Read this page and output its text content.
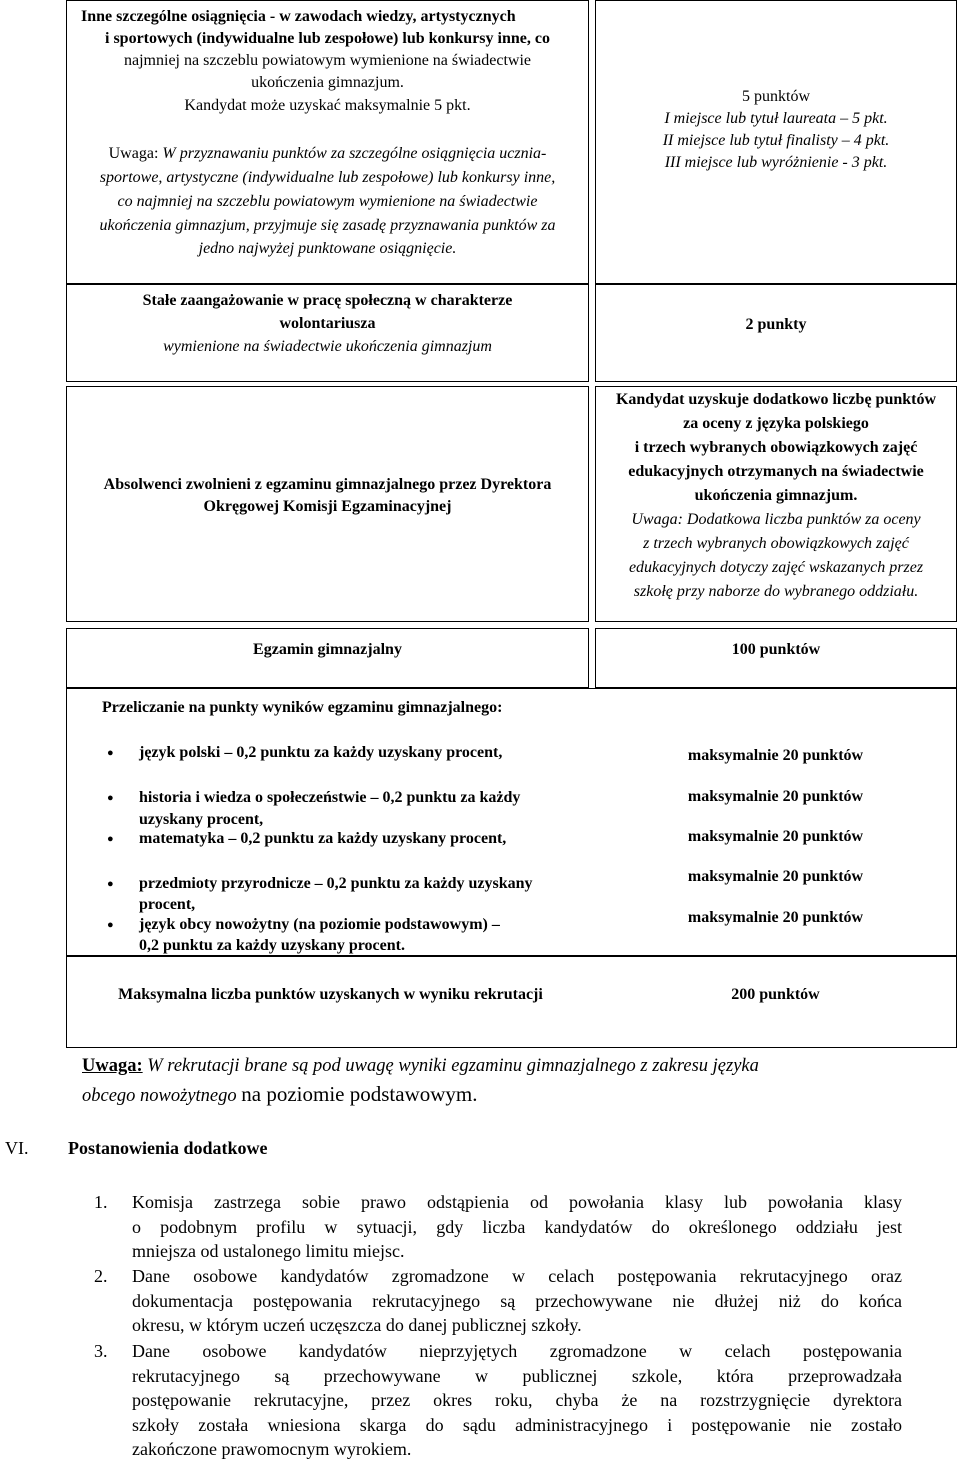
Inne szczególne osiągnięcia - w zawodach wiedzy, artystycznych
i sportowych (indywidualne lub zespołowe) lub konkursy inne, co
najmniej na szczeblu powiatowym wymienione na świadectwie
ukończenia gimnazjum.
Kandydat może uzyskać maksymalnie 5 pkt.
Uwaga: W przyznawaniu punktów za szczególne osiągnięcia ucznia-
sportowe, artystyczne (indywidualne lub zespołowe) lub konkursy inne,
co najmniej na szczeblu powiatowym wymienione na świadectwie
ukończenia gimnazjum, przyjmuje się zasadę przyznawania punktów za
jedno najwyżej punktowane osiągnięcie.
5 punktów
I miejsce lub tytuł laureata – 5 pkt.
II miejsce lub tytuł finalisty – 4 pkt.
III miejsce lub wyróżnienie - 3 pkt.
Stałe zaangażowanie w pracę społeczną w charakterze
wolontariusza
wymienione na świadectwie ukończenia gimnazjum
2 punkty
Absolwenci zwolnieni z egzaminu gimnazjalnego przez Dyrektora
Okręgowej Komisji Egzaminacyjnej
Kandydat uzyskuje dodatkowo liczbę punktów
za oceny z języka polskiego
i trzech wybranych obowiązkowych zajęć
edukacyjnych otrzymanych na świadectwie
ukończenia gimnazjum.
Uwaga: Dodatkowa liczba punktów za oceny
z trzech wybranych obowiązkowych zajęć
edukacyjnych dotyczy zajęć wskazanych przez
szkołę przy naborze do wybranego oddziału.
Egzamin gimnazjalny	100 punktów
Przeliczanie na punkty wyników egzaminu gimnazjalnego:
● język polski – 0,2 punktu za każdy uzyskany procent,
● historia i wiedza o społeczeństwie – 0,2 punktu za każdy
uzyskany procent,
● matematyka – 0,2 punktu za każdy uzyskany procent,
● przedmioty przyrodnicze – 0,2 punktu za każdy uzyskany
procent,
● język obcy nowożytny (na poziomie podstawowym) –
0,2 punktu za każdy uzyskany procent.
maksymalnie 20 punktów
maksymalnie 20 punktów
maksymalnie 20 punktów
maksymalnie 20 punktów
maksymalnie 20 punktów
Maksymalna liczba punktów uzyskanych w wyniku rekrutacji	200 punktów
Uwaga: W rekrutacji brane są pod uwagę wyniki egzaminu gimnazjalnego z zakresu języka
obcego nowożytnego na poziomie podstawowym.
VI. Postanowienia dodatkowe
1. Komisja zastrzega sobie prawo odstąpienia od powołania klasy lub powołania klasy
o podobnym profilu w sytuacji, gdy liczba kandydatów do określonego oddziału jest
mniejsza od ustalonego limitu miejsc.
2. Dane osobowe kandydatów zgromadzone w celach postępowania rekrutacyjnego oraz
dokumentacja postępowania rekrutacyjnego są przechowywane nie dłużej niż do końca
okresu, w którym uczeń uczęszcza do danej publicznej szkoły.
3. Dane osobowe kandydatów nieprzyjętych zgromadzone w celach postępowania
rekrutacyjnego są przechowywane w publicznej szkole, która przeprowadzała
postępowanie rekrutacyjne, przez okres roku, chyba że na rozstrzygnięcie dyrektora
szkoły została wniesiona skarga do sądu administracyjnego i postępowanie nie zostało
zakończone prawomocnym wyrokiem.
